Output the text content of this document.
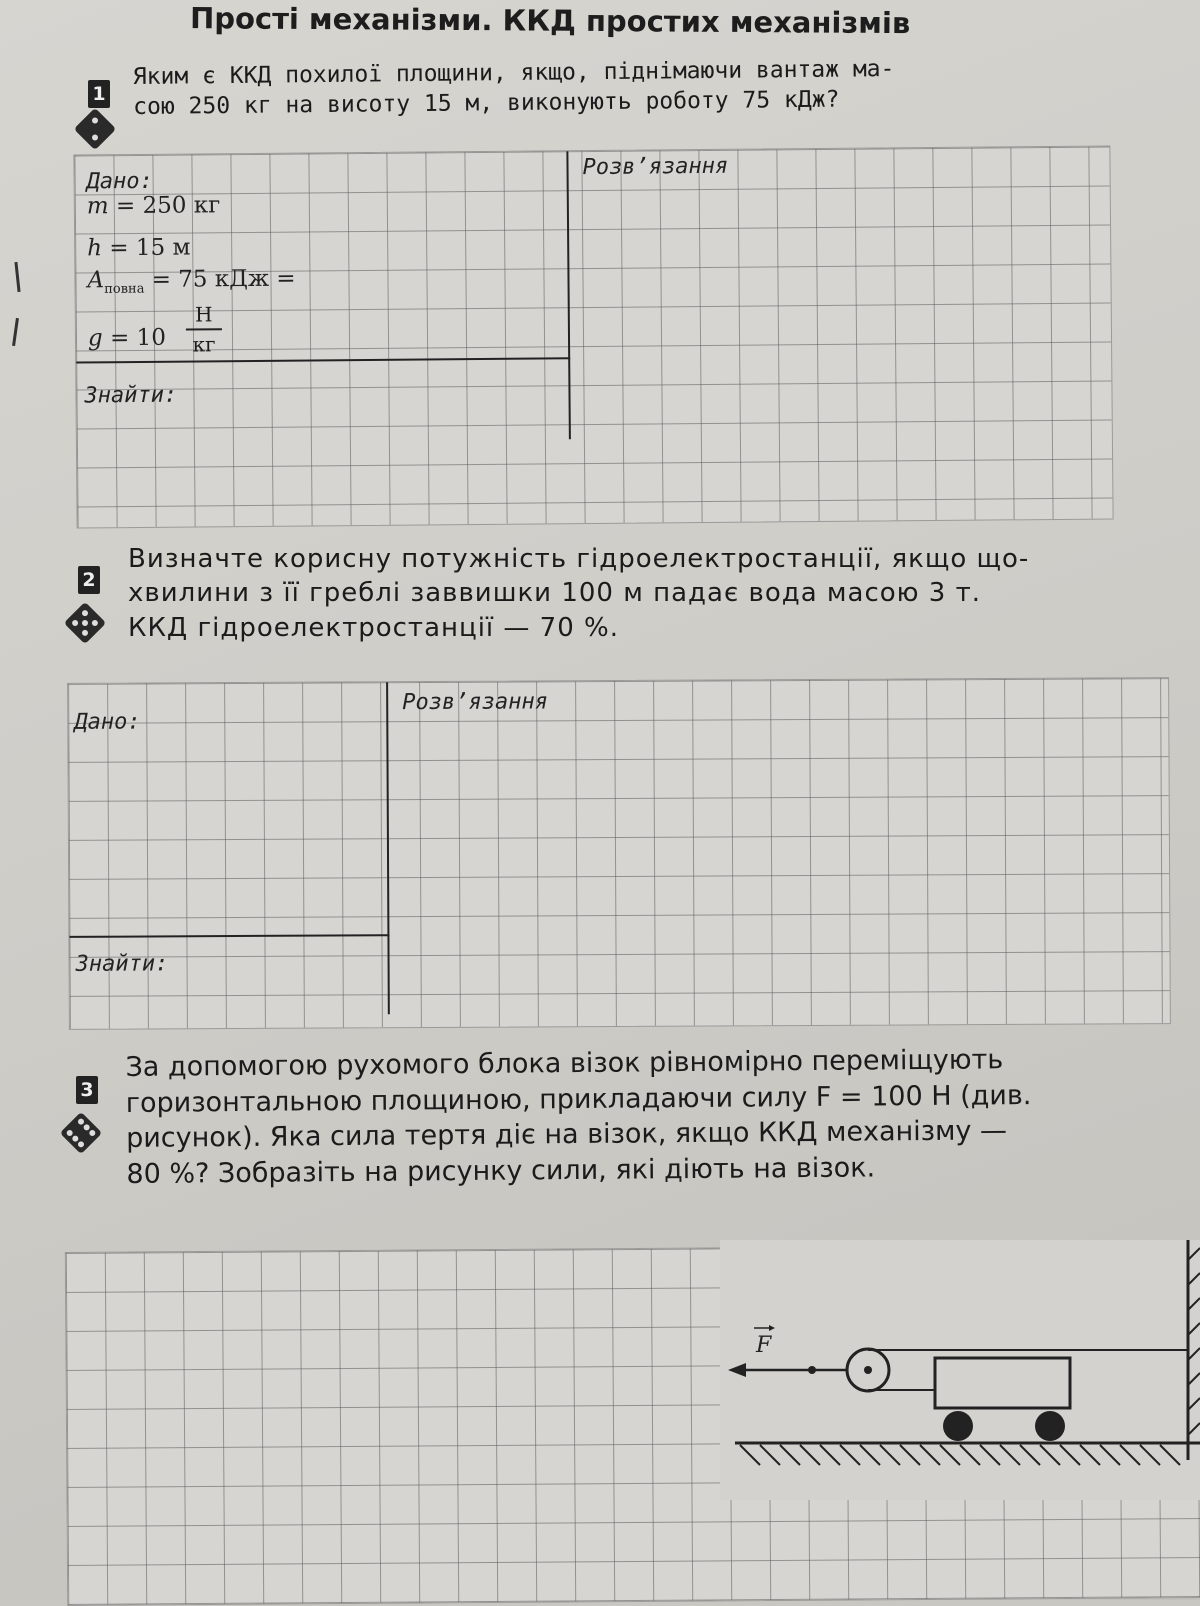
Прості механізми. ККД простих механізмів
1

Яким є ККД похилої площини, якщо, піднімаючи вантаж ма-

сою 250 кг на висоту 15 м, виконують роботу 75 кДж?

Дано:
Розв’язання
m = 250 кг
h = 15 м
$A_{повна} = 75$ кДж =
g = 10
Н
кг
Знайти:
2

Визначте корисну потужність гідроелектростанції, якщо що-

хвилини з її греблі заввишки 100 м падає вода масою 3 т.

ККД гідроелектростанції — 70 %.

Дано:
Розв’язання
Знайти:
3

За допомогою рухомого блока візок рівномірно переміщують

горизонтальною площиною, прикладаючи силу F = 100 Н (див.

рисунок). Яка сила тертя діє на візок, якщо ККД механізму —

80 %? Зобразіть на рисунку сили, які діють на візок.

F
